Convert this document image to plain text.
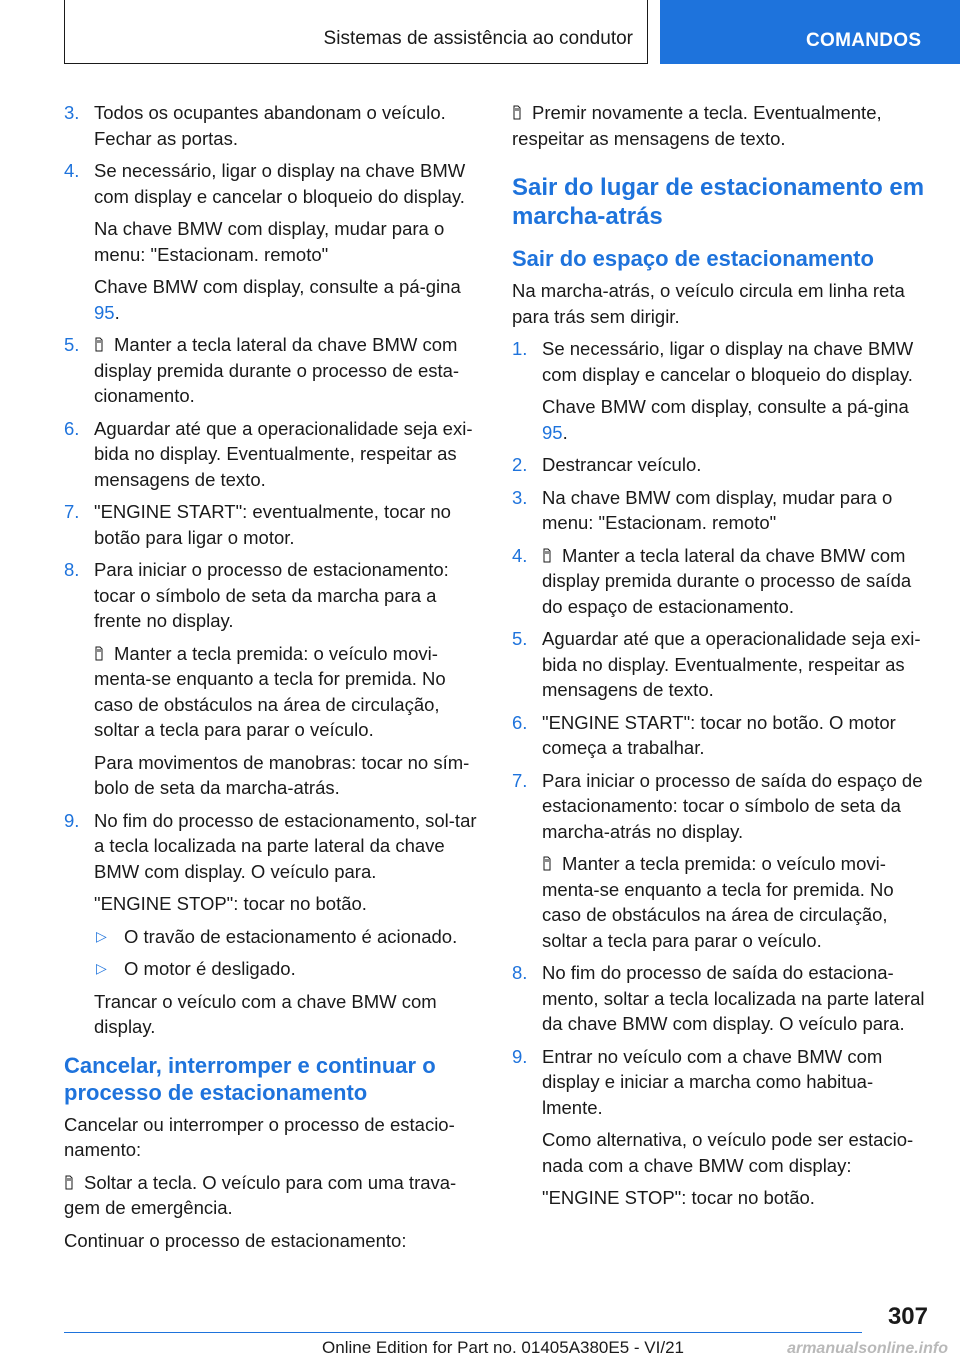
Sistemas de assistência ao condutor	COMANDOS
3. Todos os ocupantes abandonam o veículo. Fechar as portas.
4. Se necessário, ligar o display na chave BMW com display e cancelar o bloqueio do display.
Na chave BMW com display, mudar para o menu: "Estacionam. remoto"
Chave BMW com display, consulte a pá-gina 95.
5.	Manter a tecla lateral da chave BMW com display premida durante o processo de esta-cionamento.
6. Aguardar até que a operacionalidade seja exi-bida no display. Eventualmente, respeitar as mensagens de texto.
7. "ENGINE START": eventualmente, tocar no botão para ligar o motor.
8. Para iniciar o processo de estacionamento: tocar o símbolo de seta da marcha para a frente no display.
Manter a tecla premida: o veículo movi-menta-se enquanto a tecla for premida. No caso de obstáculos na área de circulação, soltar a tecla para parar o veículo.
Para movimentos de manobras: tocar no sím-bolo de seta da marcha-atrás.
9. No fim do processo de estacionamento, sol-tar a tecla localizada na parte lateral da chave BMW com display. O veículo para.
"ENGINE STOP": tocar no botão.
▷ O travão de estacionamento é acionado.
▷ O motor é desligado.
Trancar o veículo com a chave BMW com display.
Cancelar, interromper e continuar o processo de estacionamento
Cancelar ou interromper o processo de estacio-namento:
Soltar a tecla. O veículo para com uma trava-gem de emergência.
Continuar o processo de estacionamento:
Premir novamente a tecla. Eventualmente, respeitar as mensagens de texto.
Sair do lugar de estacionamento em marcha-atrás
Sair do espaço de estacionamento
Na marcha-atrás, o veículo circula em linha reta para trás sem dirigir.
1. Se necessário, ligar o display na chave BMW com display e cancelar o bloqueio do display.
Chave BMW com display, consulte a pá-gina 95.
2. Destrancar veículo.
3. Na chave BMW com display, mudar para o menu: "Estacionam. remoto"
4.	Manter a tecla lateral da chave BMW com display premida durante o processo de saída do espaço de estacionamento.
5. Aguardar até que a operacionalidade seja exi-bida no display. Eventualmente, respeitar as mensagens de texto.
6. "ENGINE START": tocar no botão. O motor começa a trabalhar.
7. Para iniciar o processo de saída do espaço de estacionamento: tocar o símbolo de seta da marcha-atrás no display.
Manter a tecla premida: o veículo movi-menta-se enquanto a tecla for premida. No caso de obstáculos na área de circulação, soltar a tecla para parar o veículo.
8. No fim do processo de saída do estaciona-mento, soltar a tecla localizada na parte lateral da chave BMW com display. O veículo para.
9. Entrar no veículo com a chave BMW com display e iniciar a marcha como habitua-lmente.
Como alternativa, o veículo pode ser estacio-nada com a chave BMW com display:
"ENGINE STOP": tocar no botão.
307
Online Edition for Part no. 01405A380E5 - VI/21	armanualsonline.info
